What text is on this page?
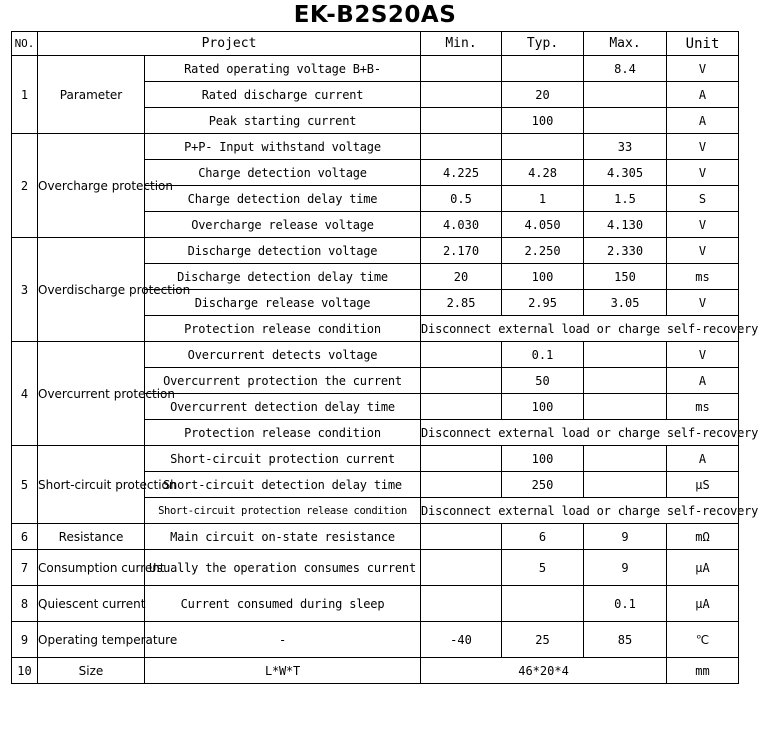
EK-B2S20AS
NO.	Project		Min.	Typ.	Max.	Unit
1	Parameter	Rated operating voltage B+B-			8.4	V
		Rated discharge current		20		A
		Peak starting current		100		A
2	Overcharge protection	P+P- Input withstand voltage			33	V
		Charge detection voltage	4.225	4.28	4.305	V
		Charge detection delay time	0.5	1	1.5	S
		Overcharge release voltage	4.030	4.050	4.130	V
3	Overdischarge protection	Discharge detection voltage	2.170	2.250	2.330	V
		Discharge detection delay time	20	100	150	ms
		Discharge release voltage	2.85	2.95	3.05	V
		Protection release condition	Disconnect external load or charge self-recovery			
4	Overcurrent protection	Overcurrent detects voltage		0.1		V
		Overcurrent protection the current		50		A
		Overcurrent detection delay time		100		ms
		Protection release condition	Disconnect external load or charge self-recovery			
5	Short-circuit protection	Short-circuit protection current		100		A
		Short-circuit detection delay time		250		μS
		Short-circuit protection release condition	Disconnect external load or charge self-recovery			
6	Resistance	Main circuit on-state resistance		6	9	mΩ
7	Consumption current	Usually the operation consumes current		5	9	μA
8	Quiescent current	Current consumed during sleep			0.1	μA
9	Operating temperature	-	-40	25	85	℃
10	Size	L*W*T	46*20*4			mm
